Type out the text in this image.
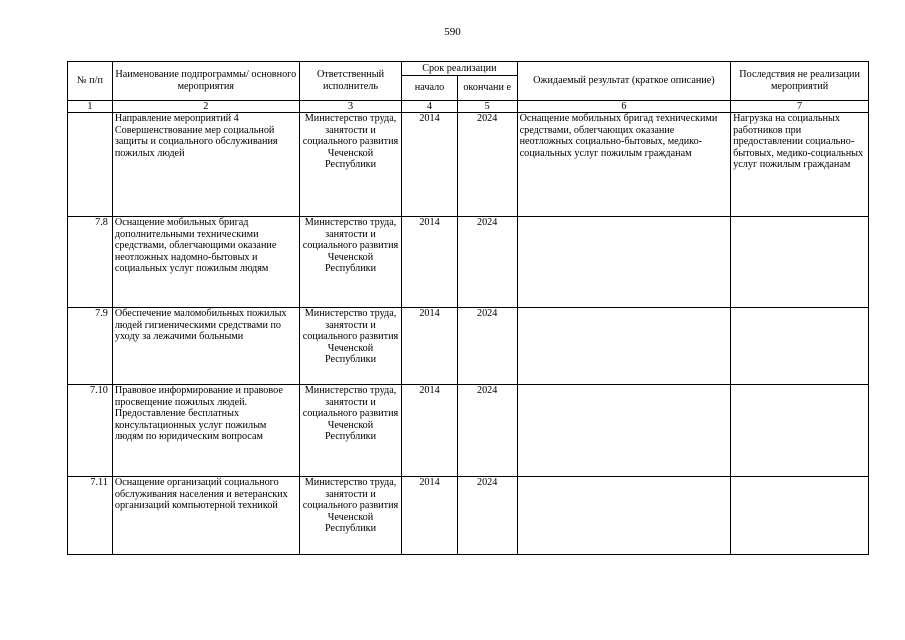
590
№ п/п	Наименование подпрограммы/ основного мероприятия	Ответственный исполнитель	Срок реализации		Ожидаемый результат (краткое описание)	Последствия не реализации мероприятий
			начало	окончани е		
1	2	3	4	5	6	7
	Направление мероприятий 4 Совершенствование мер социальной защиты и социального обслуживания пожилых людей	Министерство труда, занятости и социального развития Чеченской Республики	2014	2024	Оснащение мобильных бригад техническими средствами, облегчающих оказание неотложных социально-бытовых, медико-социальных услуг пожилым гражданам	Нагрузка на социальных работников при предоставлении социально-бытовых, медико-социальных услуг пожилым гражданам
7.8	Оснащение мобильных бригад дополнительными техническими средствами, облегчающими оказание неотложных надомно-бытовых и социальных услуг пожилым людям	Министерство труда, занятости и социального развития Чеченской Республики	2014	2024		
7.9	Обеспечение маломобильных пожилых людей гигиеническими средствами по уходу за лежачими больными	Министерство труда, занятости и социального развития Чеченской Республики	2014	2024		
7.10	Правовое информирование и правовое просвещение пожилых людей. Предоставление бесплатных консультационных услуг пожилым людям по юридическим вопросам	Министерство труда, занятости и социального развития Чеченской Республики	2014	2024		
7.11	Оснащение организаций социального обслуживания населения и ветеранских организаций компьютерной техникой	Министерство труда, занятости и социального развития Чеченской Республики	2014	2024		
